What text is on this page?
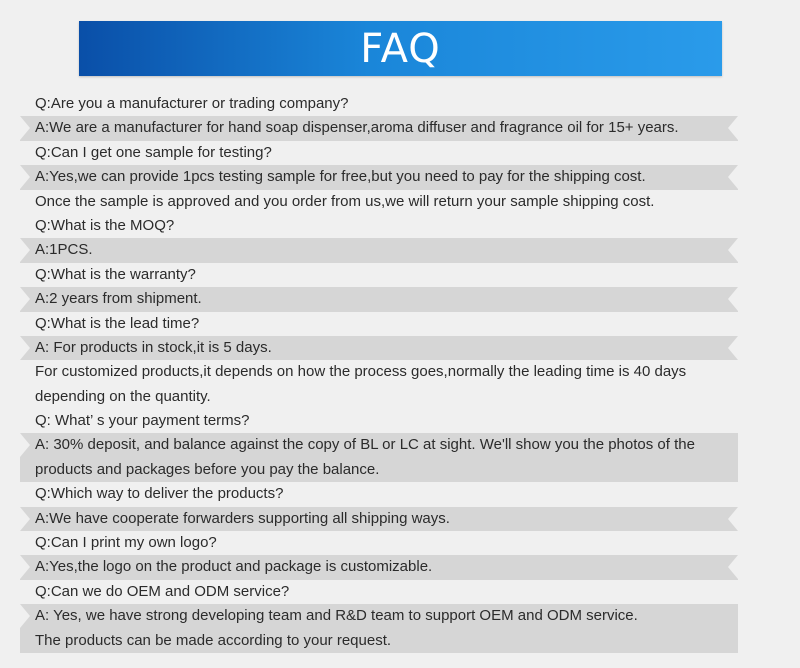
FAQ
Q:Are you a manufacturer or trading company?
A:We are a manufacturer for hand soap dispenser,aroma diffuser and fragrance oil for 15+ years.
Q:Can I get one sample for testing?
A:Yes,we can provide 1pcs testing sample for free,but you need to pay for the shipping cost.
Once the sample is approved and you order from us,we will return your sample shipping cost.
Q:What is the MOQ?
A:1PCS.
Q:What is the warranty?
A:2 years from shipment.
Q:What is the lead time?
A: For products in stock,it is 5 days.
For customized products,it depends on how the process goes,normally the leading time is 40 days
depending on the quantity.
Q: What’ s your payment terms?
A: 30% deposit, and balance against the copy of BL or LC at sight. We'll show you the photos of the
products and packages before you pay the balance.
Q:Which way to deliver the products?
A:We have cooperate forwarders supporting all shipping ways.
Q:Can I print my own logo?
A:Yes,the logo on the product and package is customizable.
Q:Can we do OEM and ODM service?
A: Yes, we have strong developing team and R&D team to support OEM and ODM service.
The products can be made according to your request.
